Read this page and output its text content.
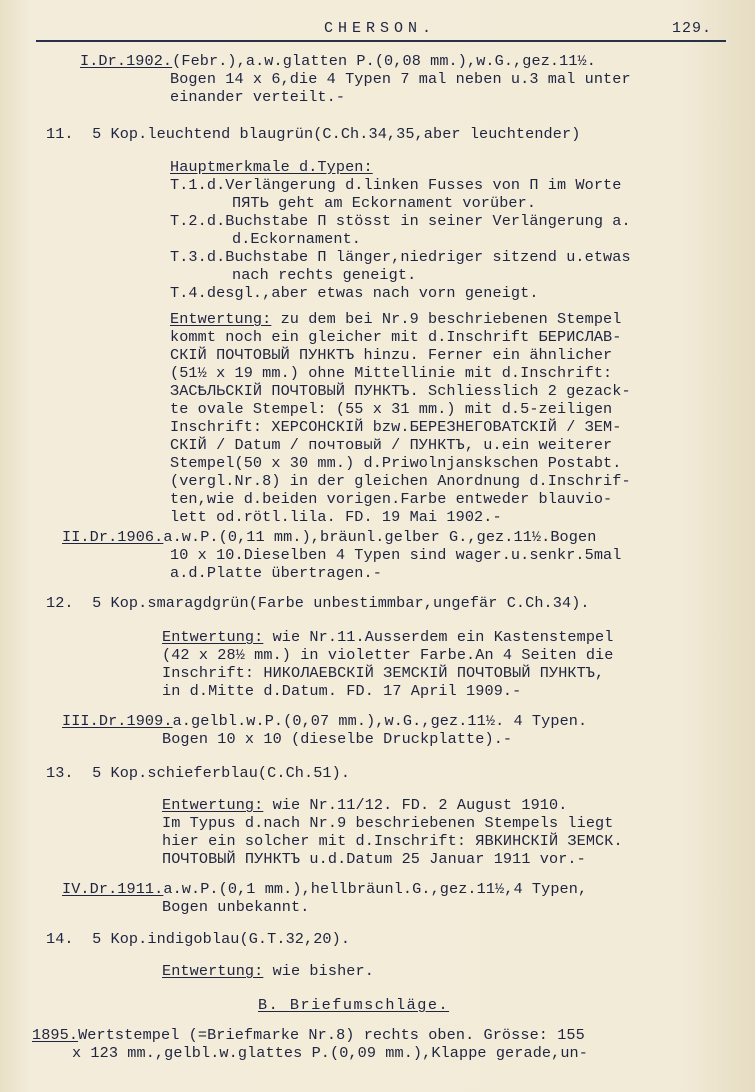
CHERSON.	129.
I.Dr.1902.(Febr.),a.w.glatten P.(0,08 mm.),w.G.,gez.11½.
Bogen 14 x 6,die 4 Typen 7 mal neben u.3 mal unter
einander verteilt.-
11.  5 Kop.leuchtend blaugrün(C.Ch.34,35,aber leuchtender)
Hauptmerkmale d.Typen:
T.1.d.Verlängerung d.linken Fusses von П im Worte
ПЯТЬ geht am Eckornament vorüber.
T.2.d.Buchstabe П stösst in seiner Verlängerung a.
d.Eckornament.
T.3.d.Buchstabe П länger,niedriger sitzend u.etwas
nach rechts geneigt.
T.4.desgl.,aber etwas nach vorn geneigt.
Entwertung: zu dem bei Nr.9 beschriebenen Stempel
kommt noch ein gleicher mit d.Inschrift БЕРИСЛАВ-
СКІЙ ПОЧТОВЫЙ ПУНКТЪ hinzu. Ferner ein ähnlicher
(51½ x 19 mm.) ohne Mittellinie mit d.Inschrift:
ЗАСѢЛЬСКІЙ ПОЧТОВЫЙ ПУНКТЪ. Schliesslich 2 gezack-
te ovale Stempel: (55 x 31 mm.) mit d.5-zeiligen
Inschrift: ХЕРСОНСКІЙ bzw.БЕРЕЗНЕГОВАТСКІЙ / ЗЕМ-
СКІЙ / Datum / почтовый / ПУНКТЪ, u.ein weiterer
Stempel(50 x 30 mm.) d.Priwolnjanskschen Postabt.
(vergl.Nr.8) in der gleichen Anordnung d.Inschrif-
ten,wie d.beiden vorigen.Farbe entweder blauvio-
lett od.rötl.lila. FD. 19 Mai 1902.-
II.Dr.1906.a.w.P.(0,11 mm.),bräunl.gelber G.,gez.11½.Bogen
10 x 10.Dieselben 4 Typen sind wager.u.senkr.5mal
a.d.Platte übertragen.-
12.  5 Kop.smaragdgrün(Farbe unbestimmbar,ungefär C.Ch.34).
Entwertung: wie Nr.11.Ausserdem ein Kastenstempel
(42 x 28½ mm.) in violetter Farbe.An 4 Seiten die
Inschrift: НИКОЛАЕВСКІЙ ЗЕМСКІЙ ПОЧТОВЫЙ ПУНКТЪ,
in d.Mitte d.Datum. FD. 17 April 1909.-
III.Dr.1909.a.gelbl.w.P.(0,07 mm.),w.G.,gez.11½. 4 Typen.
Bogen 10 x 10 (dieselbe Druckplatte).-
13.  5 Kop.schieferblau(C.Ch.51).
Entwertung: wie Nr.11/12. FD. 2 August 1910.
Im Typus d.nach Nr.9 beschriebenen Stempels liegt
hier ein solcher mit d.Inschrift: ЯВКИНСКІЙ ЗЕМСК.
ПОЧТОВЫЙ ПУНКТЪ u.d.Datum 25 Januar 1911 vor.-
IV.Dr.1911.a.w.P.(0,1 mm.),hellbräunl.G.,gez.11½,4 Typen,
Bogen unbekannt.
14.  5 Kop.indigoblau(G.T.32,20).
Entwertung: wie bisher.
B. Briefumschläge.
1895.Wertstempel (=Briefmarke Nr.8) rechts oben. Grösse: 155
x 123 mm.,gelbl.w.glattes P.(0,09 mm.),Klappe gerade,un-
